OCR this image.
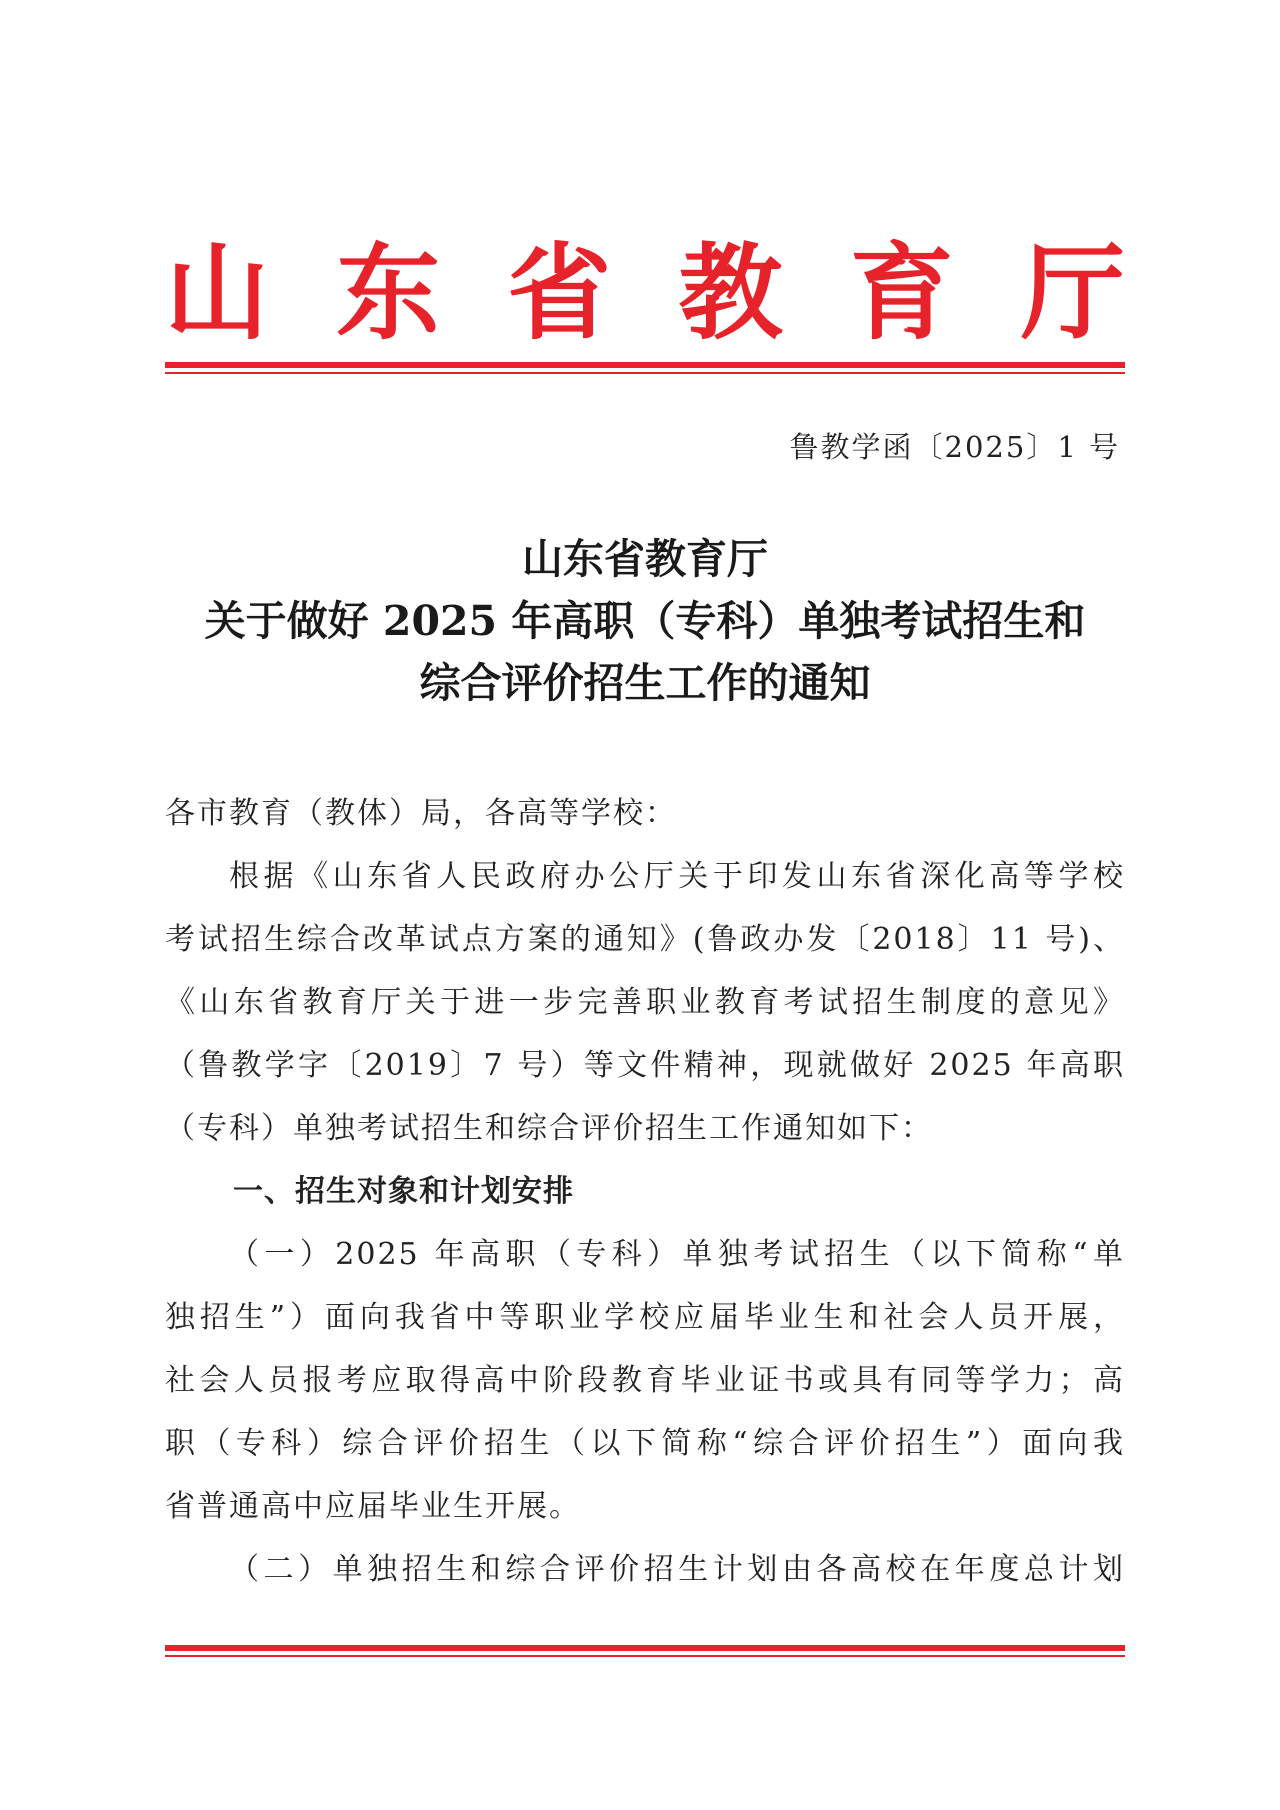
山 东 省 教 育 厅
鲁教学函〔2025〕1 号
山东省教育厅
关于做好 2025 年高职（专科）单独考试招生和
综合评价招生工作的通知
各市教育（教体）局，各高等学校：
根据《山东省人民政府办公厅关于印发山东省深化高等学校
考试招生综合改革试点方案的通知》(鲁政办发〔2018〕11 号)、
《山东省教育厅关于进一步完善职业教育考试招生制度的意见》
（鲁教学字〔2019〕7 号）等文件精神，现就做好 2025 年高职
（专科）单独考试招生和综合评价招生工作通知如下：
一、招生对象和计划安排
（一）2025 年高职（专科）单独考试招生（以下简称“单
独招生”）面向我省中等职业学校应届毕业生和社会人员开展，
社会人员报考应取得高中阶段教育毕业证书或具有同等学力；高
职（专科）综合评价招生（以下简称“综合评价招生”）面向我
省普通高中应届毕业生开展。
（二）单独招生和综合评价招生计划由各高校在年度总计划
